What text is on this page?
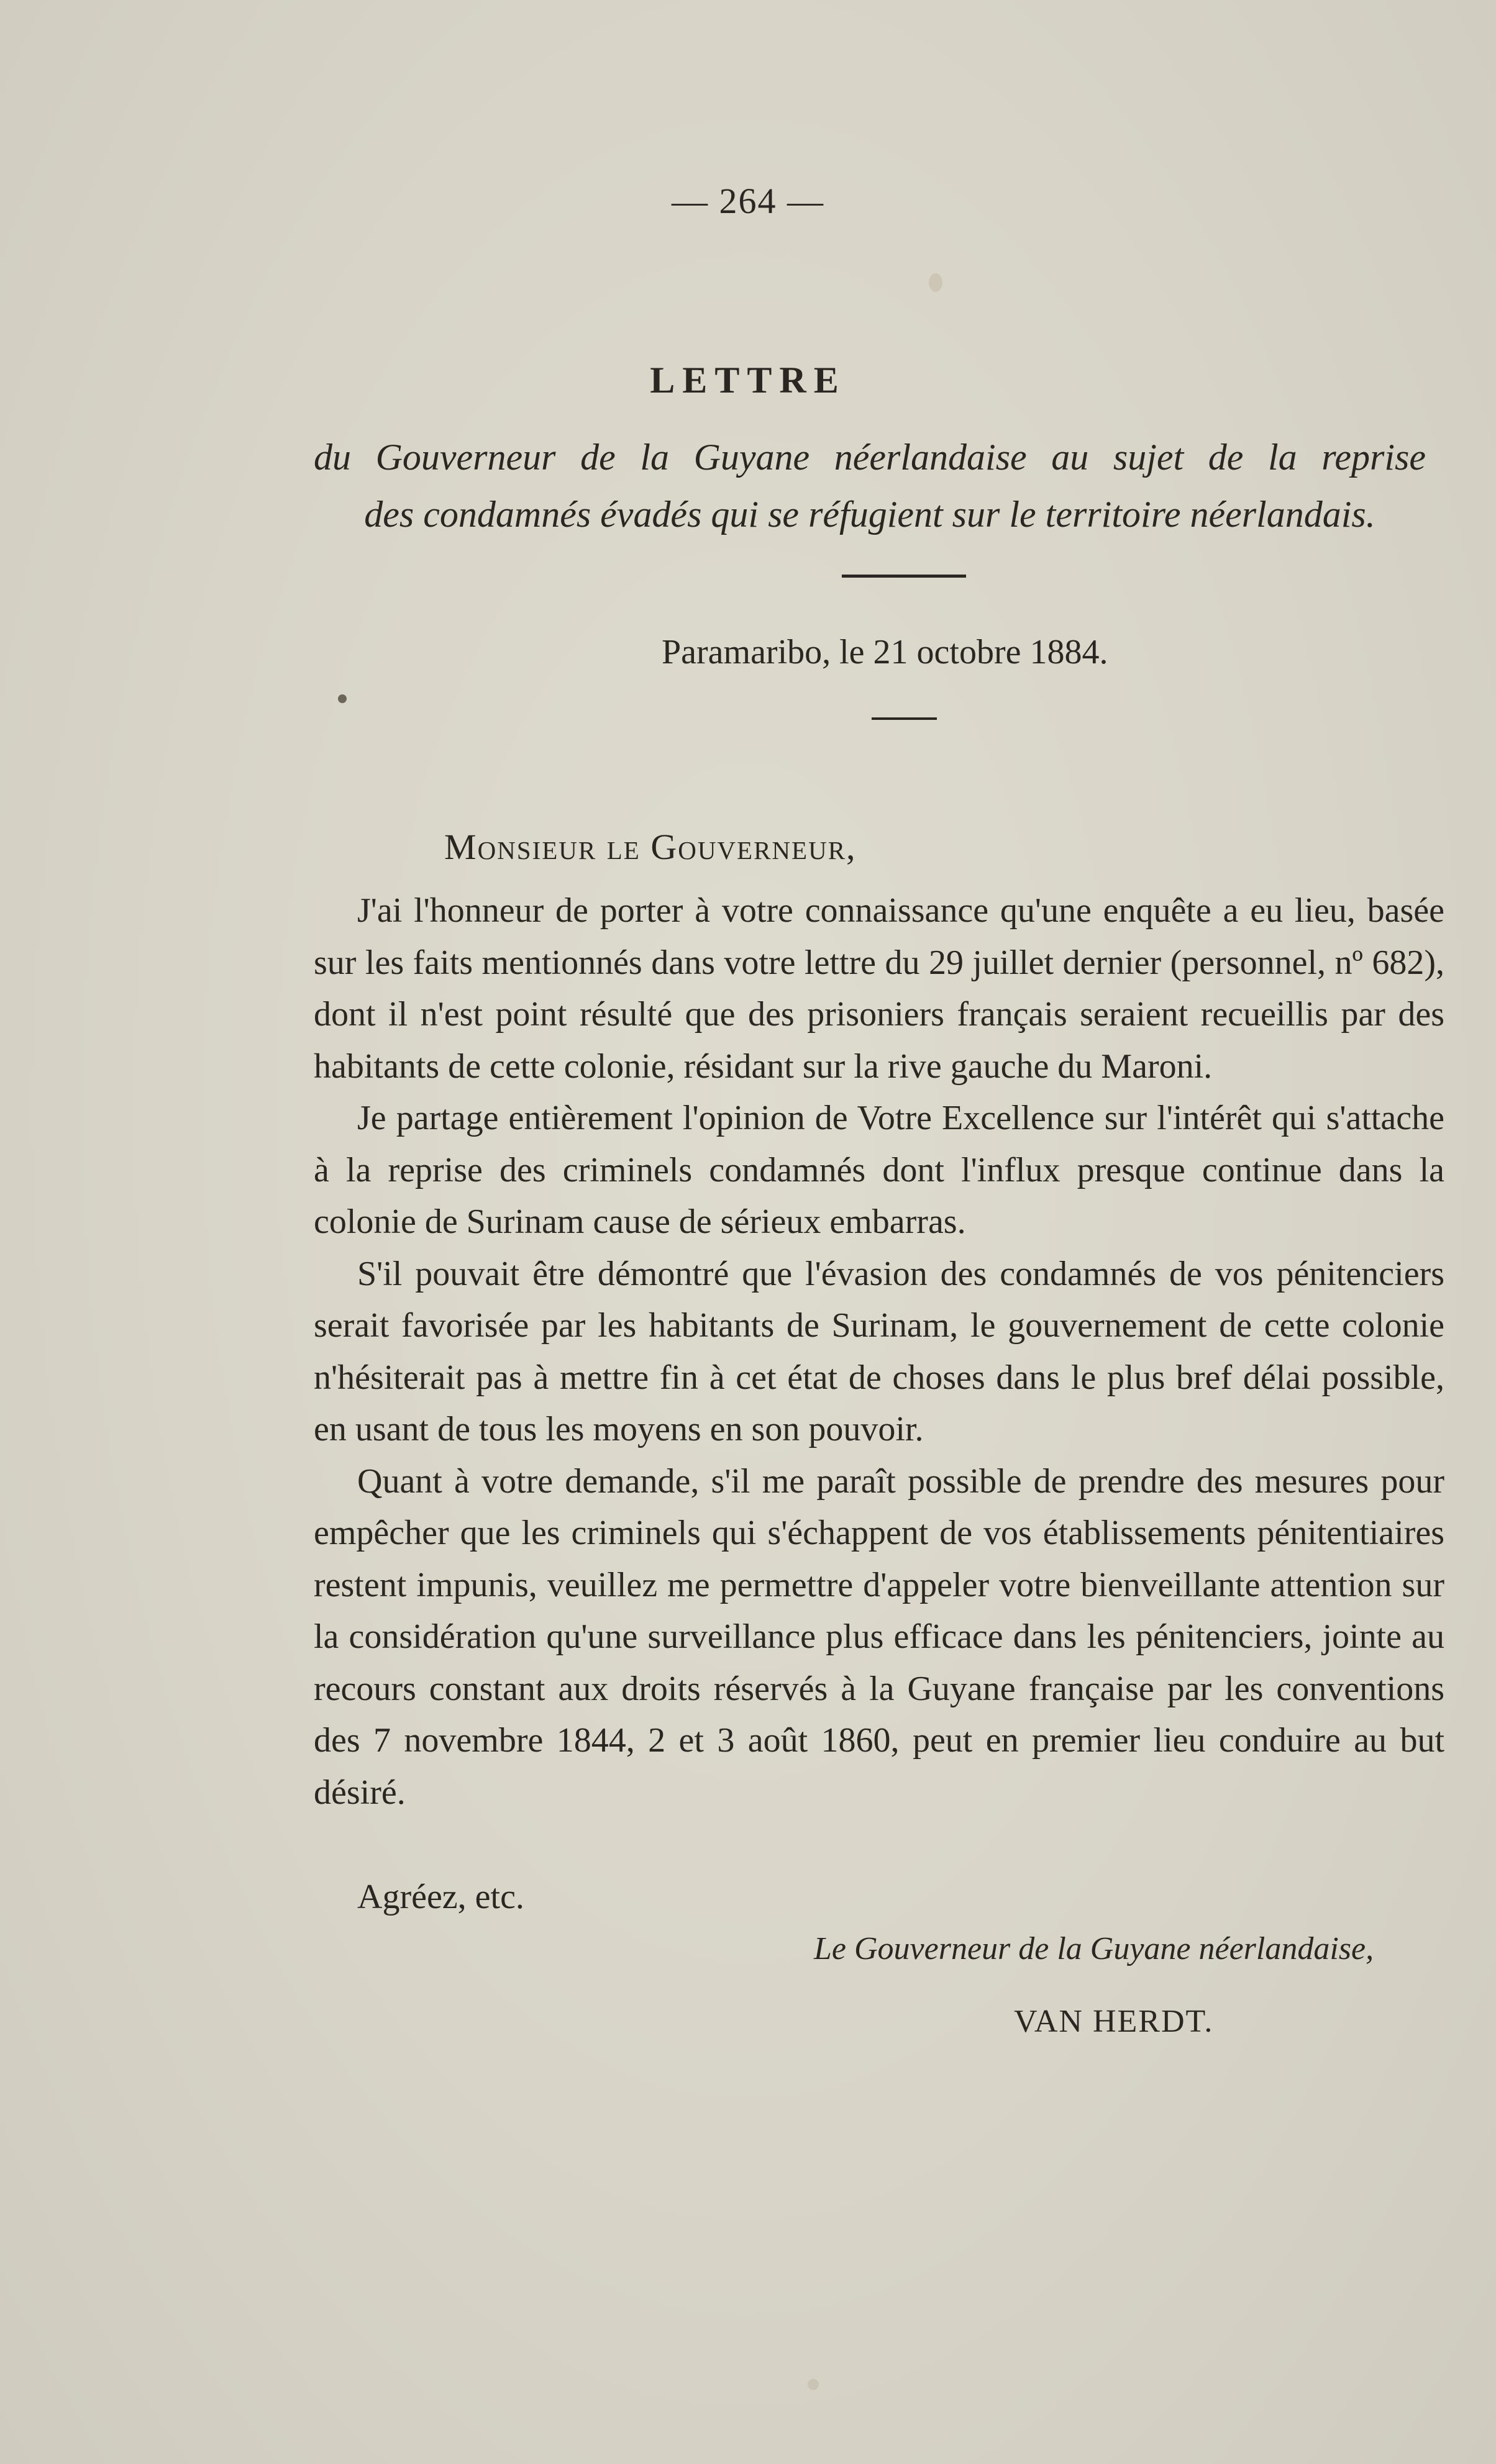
— 264 —
LETTRE
du Gouverneur de la Guyane néerlandaise au sujet de la reprise
des condamnés évadés qui se réfugient sur le territoire néerlandais.
Paramaribo, le 21 octobre 1884.
Monsieur le Gouverneur,

J'ai l'honneur de porter à votre connaissance qu'une enquête a eu lieu, basée sur les faits mentionnés dans votre lettre du 29 juillet dernier (personnel, nº 682), dont il n'est point résulté que des prisoniers français seraient recueillis par des habitants de cette colonie, résidant sur la rive gauche du Maroni.

Je partage entièrement l'opinion de Votre Excellence sur l'intérêt qui s'attache à la reprise des criminels condamnés dont l'influx presque continue dans la colonie de Surinam cause de sérieux embarras.

S'il pouvait être démontré que l'évasion des condamnés de vos pénitenciers serait favorisée par les habitants de Surinam, le gouvernement de cette colonie n'hésiterait pas à mettre fin à cet état de choses dans le plus bref délai possible, en usant de tous les moyens en son pouvoir.

Quant à votre demande, s'il me paraît possible de prendre des mesures pour empêcher que les criminels qui s'échappent de vos établissements pénitentiaires restent impunis, veuillez me permettre d'appeler votre bienveillante attention sur la considération qu'une surveillance plus efficace dans les pénitenciers, jointe au recours constant aux droits réservés à la Guyane française par les conventions des 7 novembre 1844, 2 et 3 août 1860, peut en premier lieu conduire au but désiré.

Agréez, etc.
Le Gouverneur de la Guyane néerlandaise,
VAN HERDT.
